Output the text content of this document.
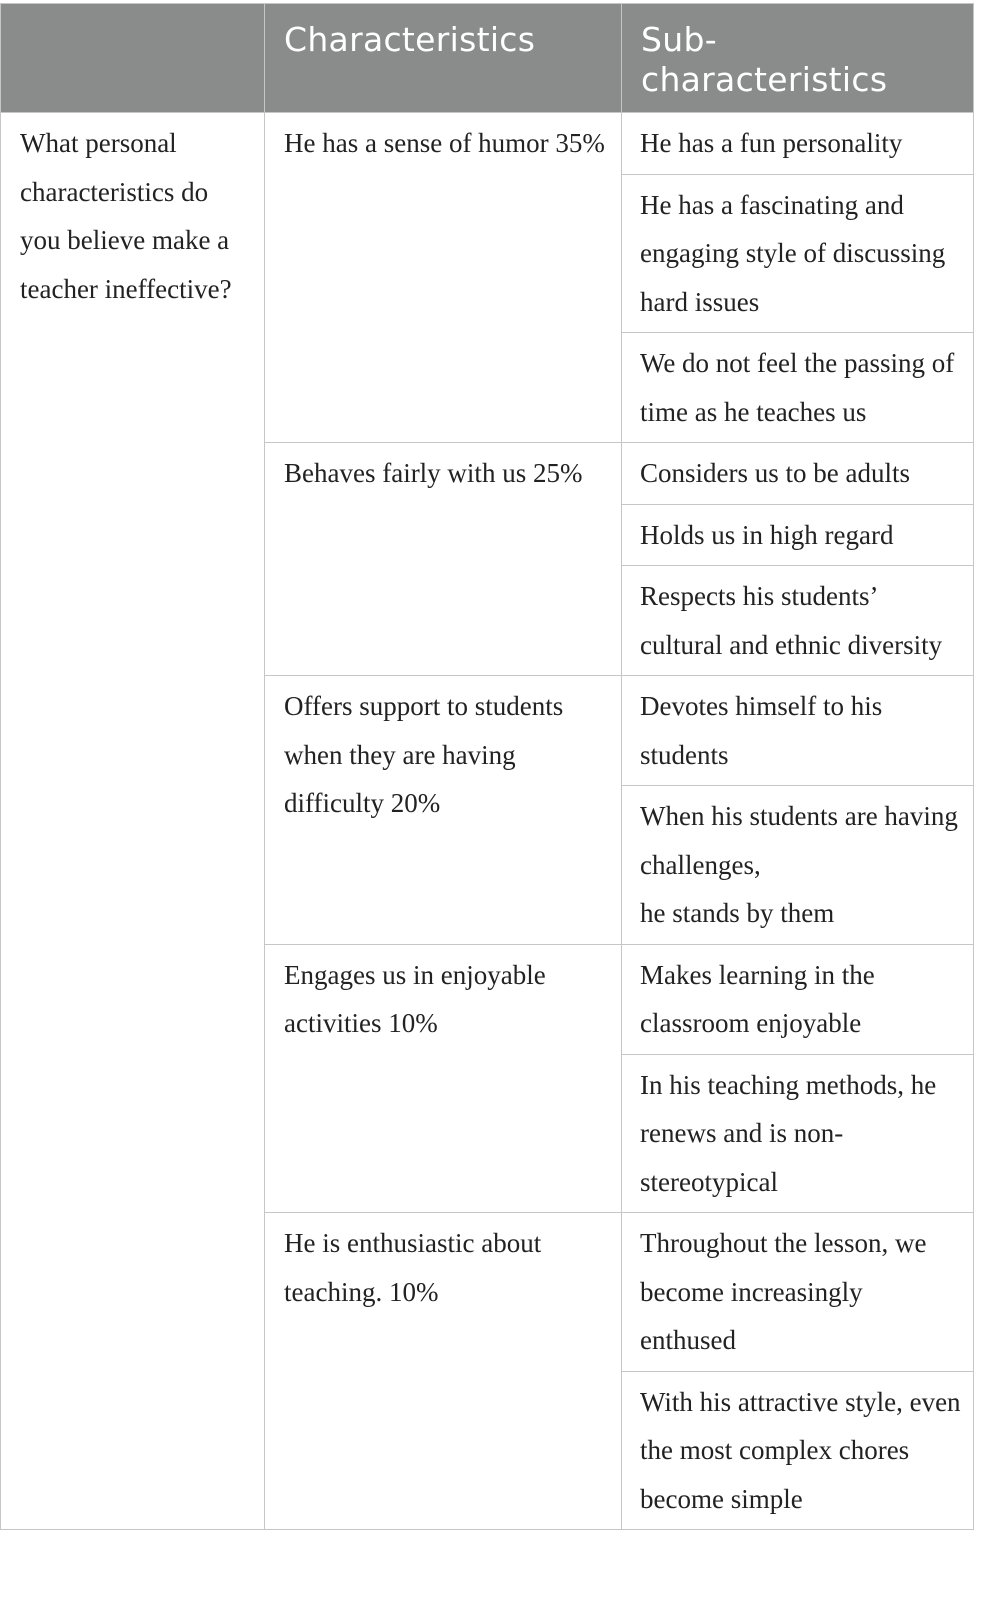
	Characteristics	Sub-
characteristics
What personal characteristics do you believe make a teacher ineffective?	He has a sense of humor 35%	He has a fun personality
		He has a fascinating and engaging style of discussing hard issues
		We do not feel the passing of time as he teaches us
	Behaves fairly with us 25%	Considers us to be adults
		Holds us in high regard
		Respects his students’ cultural and ethnic diversity
	Offers support to students when they are having difficulty 20%	Devotes himself to his students
		When his students are having challenges,
he stands by them
	Engages us in enjoyable activities 10%	Makes learning in the classroom enjoyable
		In his teaching methods, he renews and is non-stereotypical
	He is enthusiastic about teaching. 10%	Throughout the lesson, we become increasingly enthused
		With his attractive style, even the most complex chores become simple
